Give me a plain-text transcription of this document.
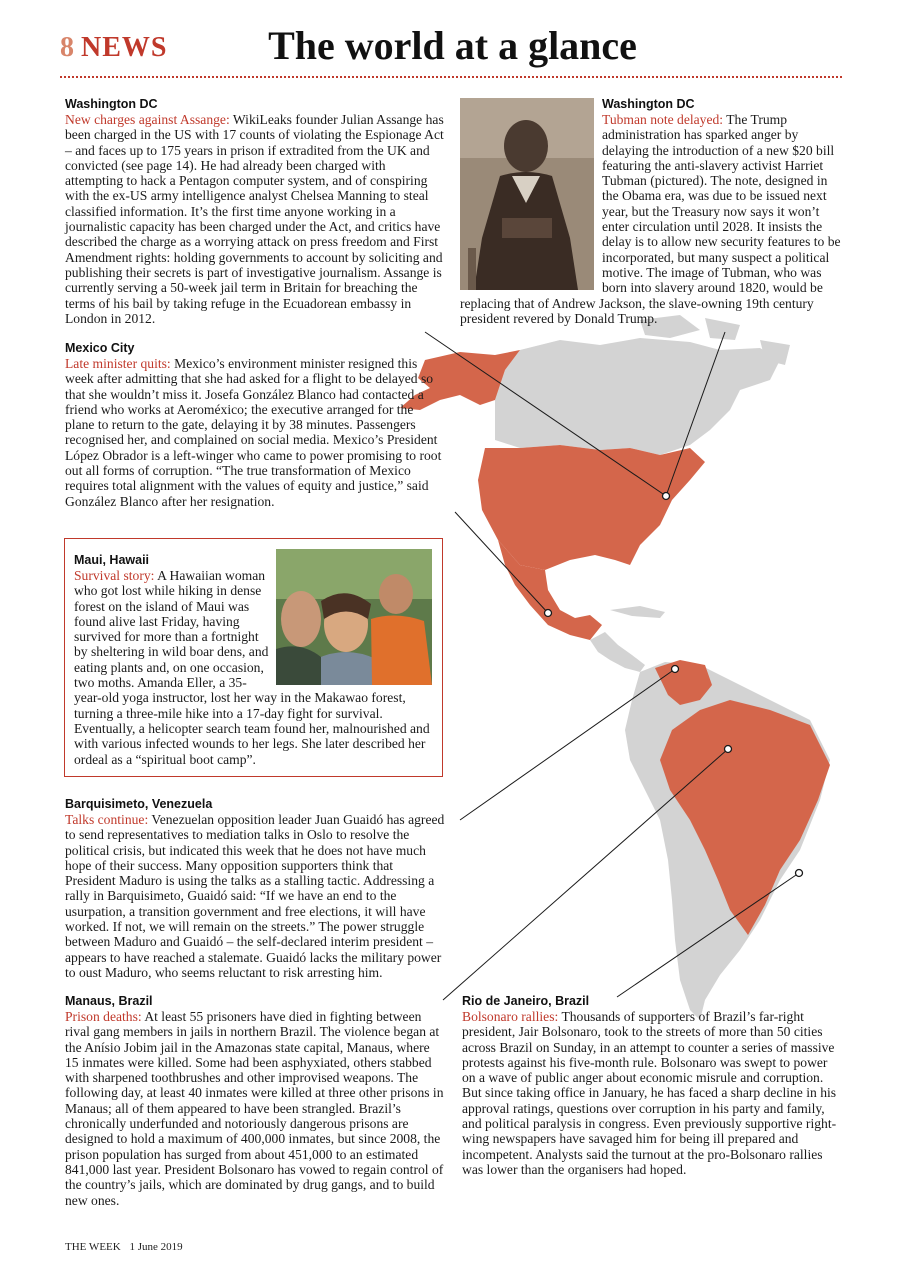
8 NEWS	The world at a glance
Washington DC
New charges against Assange: WikiLeaks founder Julian Assange has been charged in the US with 17 counts of violating the Espionage Act – and faces up to 175 years in prison if extradited from the UK and convicted (see page 14). He had already been charged with attempting to hack a Pentagon computer system, and of conspiring with the ex-US army intelligence analyst Chelsea Manning to steal classified information. It’s the first time anyone working in a journalistic capacity has been charged under the Act, and critics have described the charge as a worrying attack on press freedom and First Amendment rights: holding governments to account by soliciting and publishing their secrets is part of investigative journalism. Assange is currently serving a 50-week jail term in Britain for breaching the terms of his bail by taking refuge in the Ecuadorean embassy in London in 2012.
Washington DC
Tubman note delayed: The Trump administration has sparked anger by delaying the introduction of a new $20 bill featuring the anti-slavery activist Harriet Tubman (pictured). The note, designed in the Obama era, was due to be issued next year, but the Treasury now says it won’t enter circulation until 2028. It insists the delay is to allow new security features to be incorporated, but many suspect a political motive. The image of Tubman, who was born into slavery around 1820, would be replacing that of Andrew Jackson, the slave-owning 19th century president revered by Donald Trump.
Mexico City
Late minister quits: Mexico’s environment minister resigned this week after admitting that she had asked for a flight to be delayed so that she wouldn’t miss it. Josefa González Blanco had contacted a friend who works at Aeroméxico; the executive arranged for the plane to return to the gate, delaying it by 38 minutes. Passengers recognised her, and complained on social media. Mexico’s President López Obrador is a left-winger who came to power promising to root out all forms of corruption. “The true transformation of Mexico requires total alignment with the values of equity and justice,” said González Blanco after her resignation.
Maui, Hawaii
Survival story: A Hawaiian woman who got lost while hiking in dense forest on the island of Maui was found alive last Friday, having survived for more than a fortnight by sheltering in wild boar dens, and eating plants and, on one occasion, two moths. Amanda Eller, a 35-year-old yoga instructor, lost her way in the Makawao forest, turning a three-mile hike into a 17-day fight for survival. Eventually, a helicopter search team found her, malnourished and with various infected wounds to her legs. She later described her ordeal as a “spiritual boot camp”.
Barquisimeto, Venezuela
Talks continue: Venezuelan opposition leader Juan Guaidó has agreed to send representatives to mediation talks in Oslo to resolve the political crisis, but indicated this week that he does not have much hope of their success. Many opposition supporters think that President Maduro is using the talks as a stalling tactic. Addressing a rally in Barquisimeto, Guaidó said: “If we have an end to the usurpation, a transition government and free elections, it will have worked. If not, we will remain on the streets.” The power struggle between Maduro and Guaidó – the self-declared interim president – appears to have reached a stalemate. Guaidó lacks the military power to oust Maduro, who seems reluctant to risk arresting him.
Manaus, Brazil
Prison deaths: At least 55 prisoners have died in fighting between rival gang members in jails in northern Brazil. The violence began at the Anísio Jobim jail in the Amazonas state capital, Manaus, where 15 inmates were killed. Some had been asphyxiated, others stabbed with sharpened toothbrushes and other improvised weapons. The following day, at least 40 inmates were killed at three other prisons in Manaus; all of them appeared to have been strangled. Brazil’s chronically underfunded and notoriously dangerous prisons are designed to hold a maximum of 400,000 inmates, but since 2008, the prison population has surged from about 451,000 to an estimated 841,000 last year. President Bolsonaro has vowed to regain control of the country’s jails, which are dominated by drug gangs, and to build new ones.
Rio de Janeiro, Brazil
Bolsonaro rallies: Thousands of supporters of Brazil’s far-right president, Jair Bolsonaro, took to the streets of more than 50 cities across Brazil on Sunday, in an attempt to counter a series of massive protests against his five-month rule. Bolsonaro was swept to power on a wave of public anger about economic misrule and corruption. But since taking office in January, he has faced a sharp decline in his approval ratings, questions over corruption in his party and family, and political paralysis in congress. Even previously supportive right-wing newspapers have savaged him for being ill prepared and incompetent. Analysts said the turnout at the pro-Bolsonaro rallies was lower than the organisers had hoped.
THE WEEK 1 June 2019
